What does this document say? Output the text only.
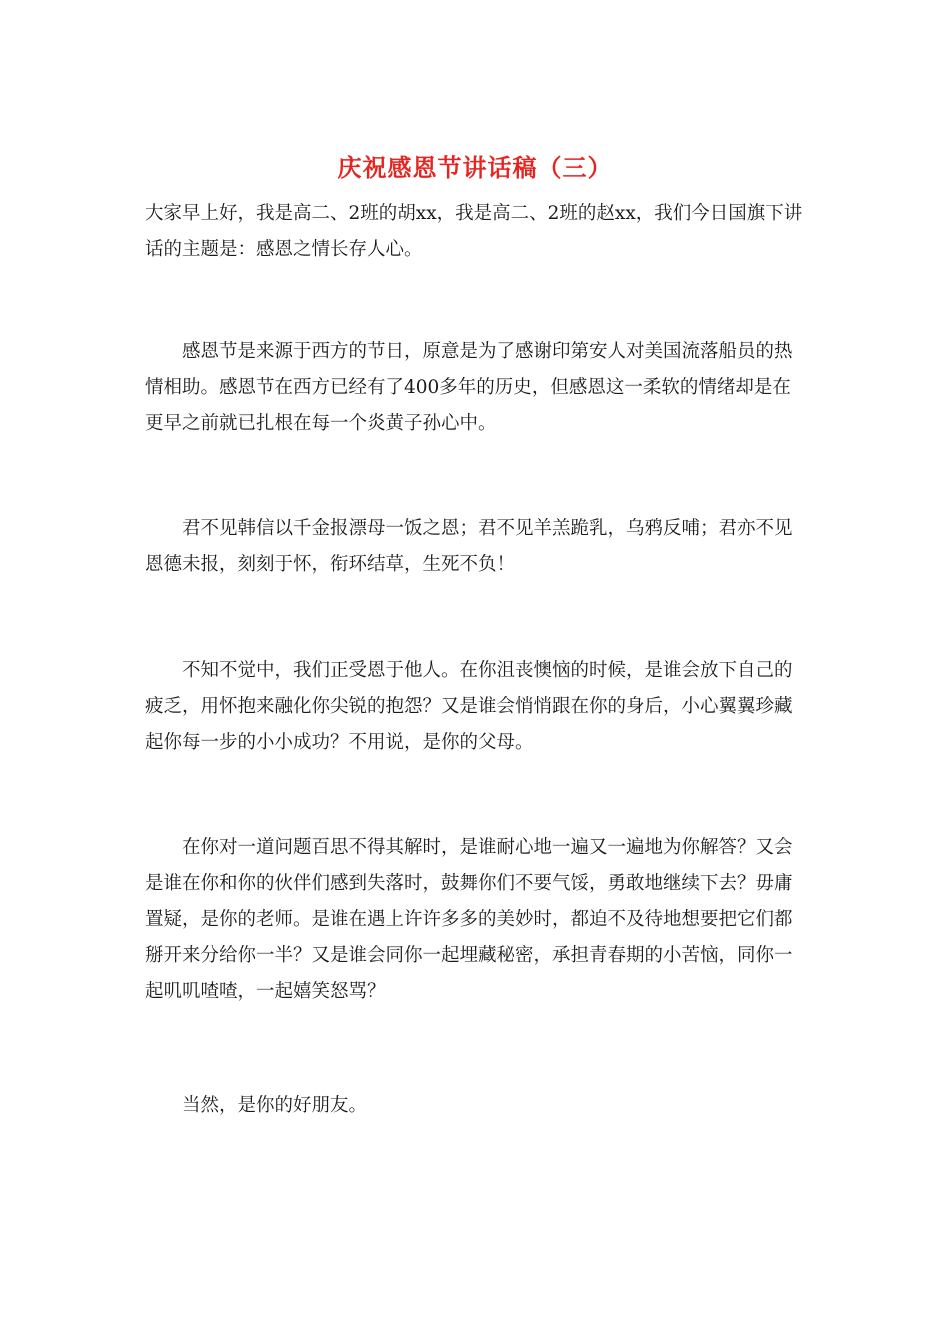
庆祝感恩节讲话稿（三）

大家早上好，我是高二、2班的胡xx，我是高二、2班的赵xx，我们今日国旗下讲话的主题是：感恩之情长存人心。

感恩节是来源于西方的节日，原意是为了感谢印第安人对美国流落船员的热情相助。感恩节在西方已经有了400多年的历史，但感恩这一柔软的情绪却是在更早之前就已扎根在每一个炎黄子孙心中。

君不见韩信以千金报漂母一饭之恩；君不见羊羔跪乳，乌鸦反哺；君亦不见恩德未报，刻刻于怀，衔环结草，生死不负！

不知不觉中，我们正受恩于他人。在你沮丧懊恼的时候，是谁会放下自己的疲乏，用怀抱来融化你尖锐的抱怨？又是谁会悄悄跟在你的身后，小心翼翼珍藏起你每一步的小小成功？不用说，是你的父母。

在你对一道问题百思不得其解时，是谁耐心地一遍又一遍地为你解答？又会是谁在你和你的伙伴们感到失落时，鼓舞你们不要气馁，勇敢地继续下去？毋庸置疑，是你的老师。是谁在遇上许许多多的美妙时，都迫不及待地想要把它们都掰开来分给你一半？又是谁会同你一起埋藏秘密，承担青春期的小苦恼，同你一起叽叽喳喳，一起嬉笑怒骂？

当然，是你的好朋友。
